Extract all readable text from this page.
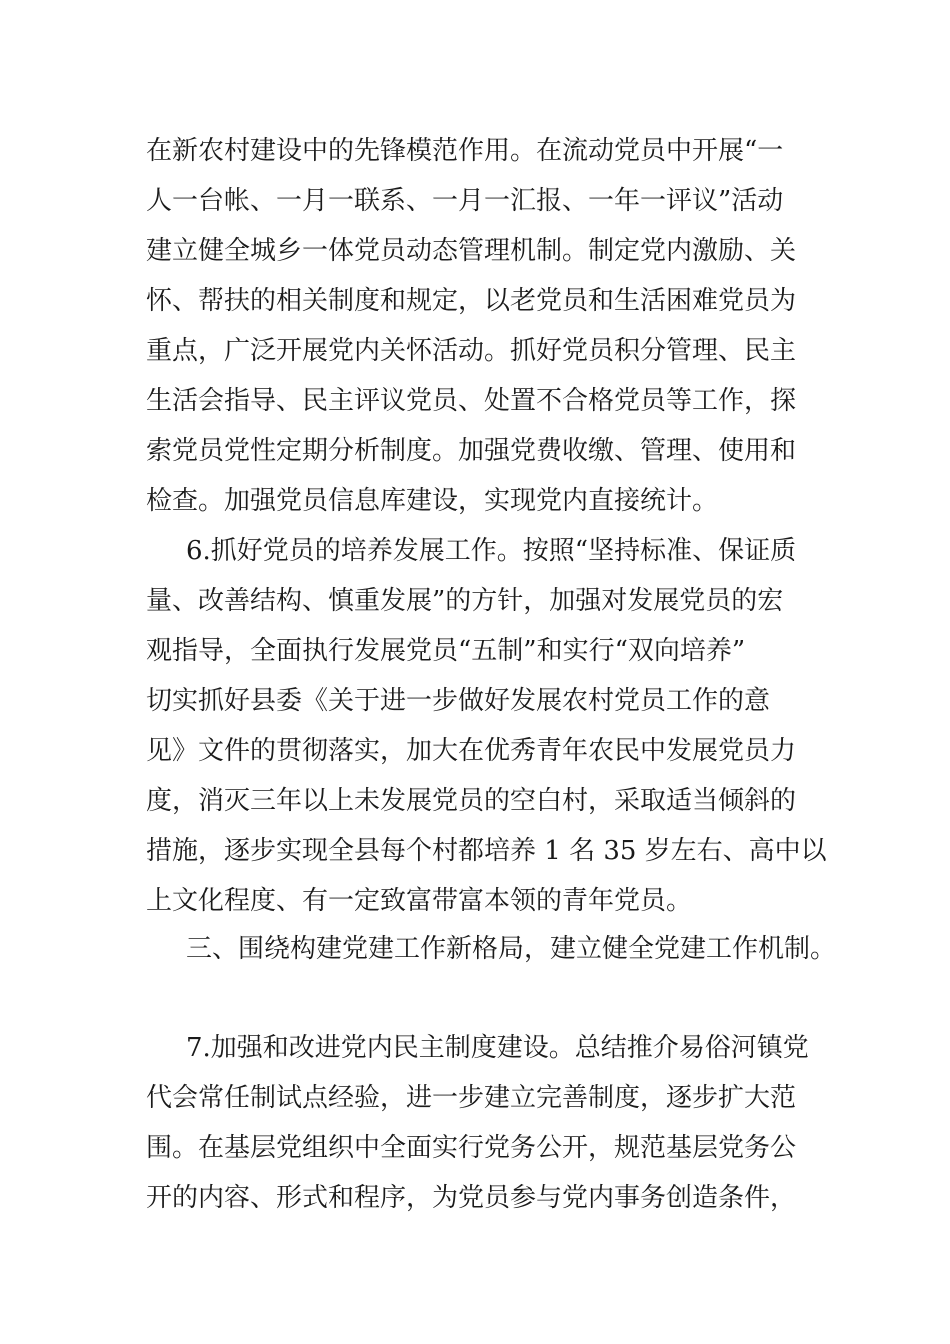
在新农村建设中的先锋模范作用。在流动党员中开展“一
人一台帐、一月一联系、一月一汇报、一年一评议”活动
建立健全城乡一体党员动态管理机制。制定党内激励、关
怀、帮扶的相关制度和规定，以老党员和生活困难党员为
重点，广泛开展党内关怀活动。抓好党员积分管理、民主
生活会指导、民主评议党员、处置不合格党员等工作，探
索党员党性定期分析制度。加强党费收缴、管理、使用和
检查。加强党员信息库建设，实现党内直接统计。
6.抓好党员的培养发展工作。按照“坚持标准、保证质
量、改善结构、慎重发展”的方针，加强对发展党员的宏
观指导，全面执行发展党员“五制”和实行“双向培养”
切实抓好县委《关于进一步做好发展农村党员工作的意
见》文件的贯彻落实，加大在优秀青年农民中发展党员力
度，消灭三年以上未发展党员的空白村，采取适当倾斜的
措施，逐步实现全县每个村都培养 1 名 35 岁左右、高中以
上文化程度、有一定致富带富本领的青年党员。
三、围绕构建党建工作新格局，建立健全党建工作机制。
7.加强和改进党内民主制度建设。总结推介易俗河镇党
代会常任制试点经验，进一步建立完善制度，逐步扩大范
围。在基层党组织中全面实行党务公开，规范基层党务公
开的内容、形式和程序，为党员参与党内事务创造条件，
